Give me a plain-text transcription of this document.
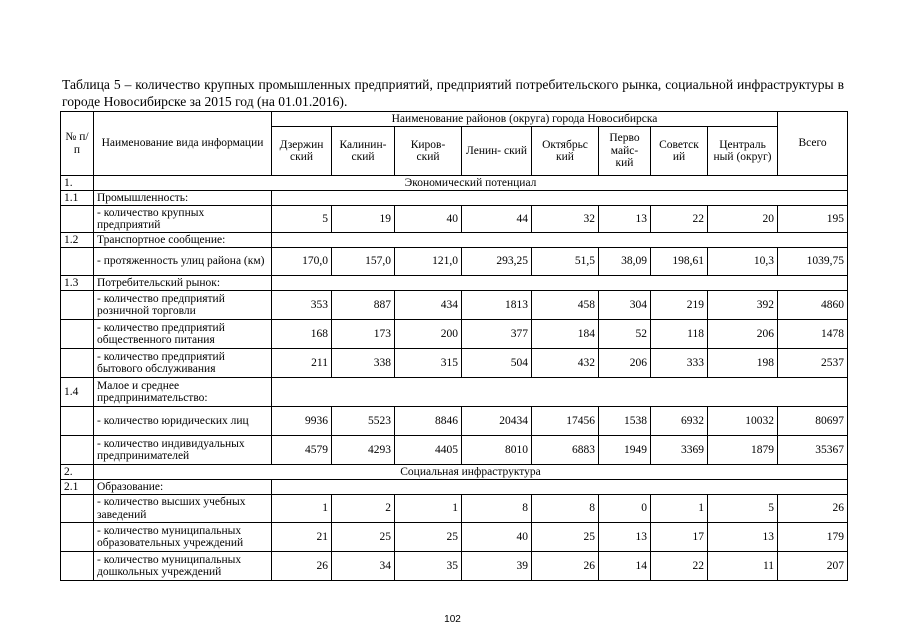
Таблица 5 – количество крупных промышленных предприятий, предприятий потребительского рынка, социальной инфраструктуры в городе Новосибирске за 2015 год (на 01.01.2016).
№ п/п	Наименование вида информации	Наименование районов (округа) города Новосибирска								Всего
		Дзержин ский	Калинин- ский	Киров- ский	Ленин- ский	Октябрьс кий	Перво майс- кий	Советск ий	Централь ный (округ)	
1.	Экономический потенциал									
1.1	Промышленность:									
	- количество крупных предприятий	5	19	40	44	32	13	22	20	195
1.2	Транспортное сообщение:									
	- протяженность улиц района (км)	170,0	157,0	121,0	293,25	51,5	38,09	198,61	10,3	1039,75
1.3	Потребительский рынок:									
	- количество предприятий розничной торговли	353	887	434	1813	458	304	219	392	4860
	- количество предприятий общественного питания	168	173	200	377	184	52	118	206	1478
	- количество предприятий бытового обслуживания	211	338	315	504	432	206	333	198	2537
1.4	Малое и среднее предпринимательство:									
	- количество юридических лиц	9936	5523	8846	20434	17456	1538	6932	10032	80697
	- количество индивидуальных предпринимателей	4579	4293	4405	8010	6883	1949	3369	1879	35367
2.	Социальная инфраструктура									
2.1	Образование:									
	- количество высших учебных заведений	1	2	1	8	8	0	1	5	26
	- количество муниципальных образовательных учреждений	21	25	25	40	25	13	17	13	179
	- количество муниципальных дошкольных учреждений	26	34	35	39	26	14	22	11	207
102
